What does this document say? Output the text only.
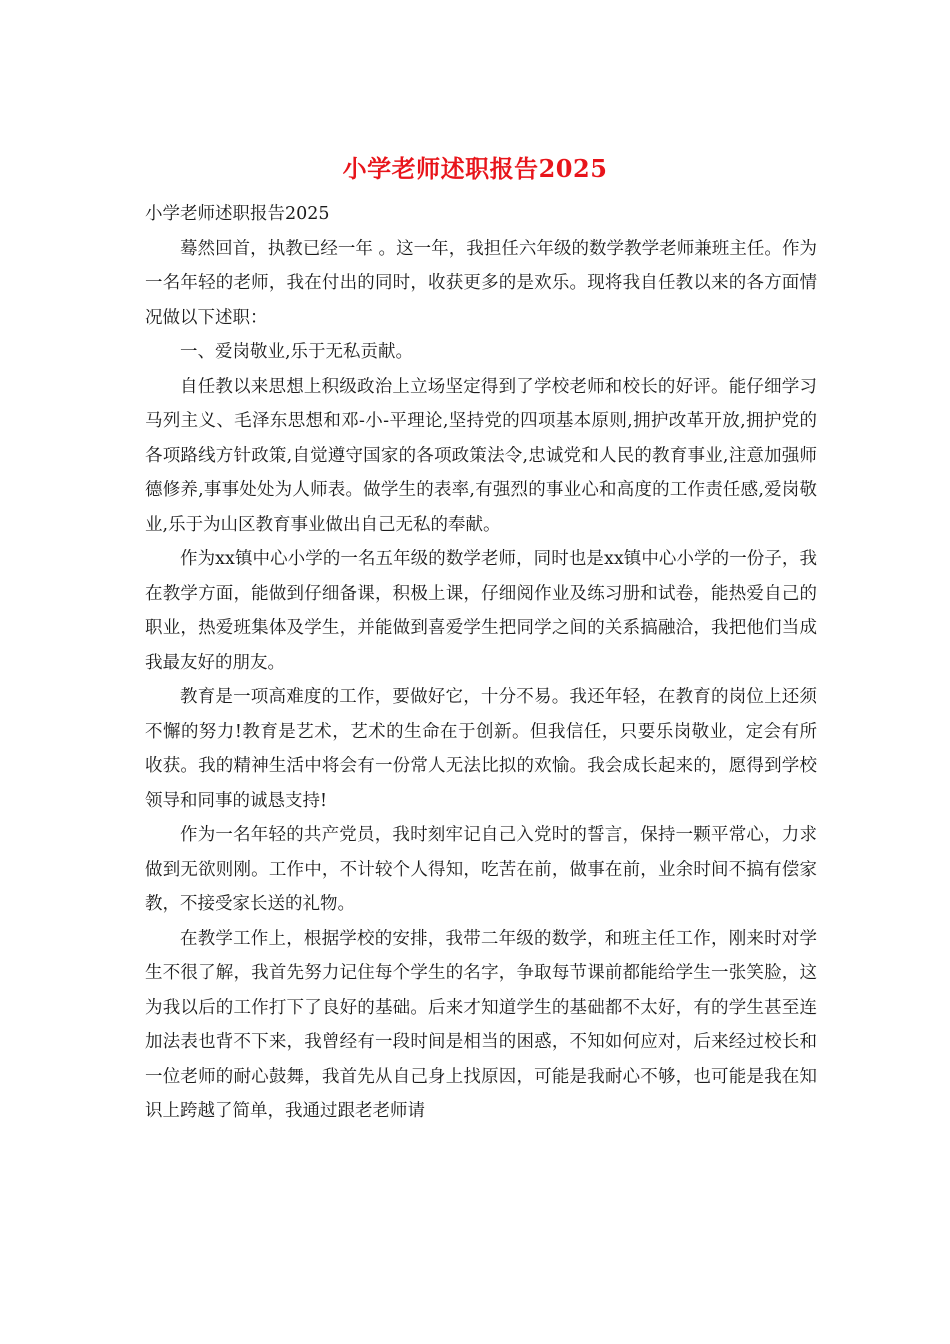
小学老师述职报告2025

小学老师述职报告2025

蓦然回首，执教已经一年 。这一年，我担任六年级的数学教学老师兼班主任。作为一名年轻的老师，我在付出的同时，收获更多的是欢乐。现将我自任教以来的各方面情况做以下述职：

一、爱岗敬业,乐于无私贡献。

自任教以来思想上积级政治上立场坚定得到了学校老师和校长的好评。能仔细学习马列主义、毛泽东思想和邓-小-平理论,坚持党的四项基本原则,拥护改革开放,拥护党的各项路线方针政策,自觉遵守国家的各项政策法令,忠诚党和人民的教育事业,注意加强师德修养,事事处处为人师表。做学生的表率,有强烈的事业心和高度的工作责任感,爱岗敬业,乐于为山区教育事业做出自己无私的奉献。

作为xx镇中心小学的一名五年级的数学老师，同时也是xx镇中心小学的一份子，我在教学方面，能做到仔细备课，积极上课，仔细阅作业及练习册和试卷，能热爱自己的职业，热爱班集体及学生，并能做到喜爱学生把同学之间的关系搞融洽，我把他们当成我最友好的朋友。

教育是一项高难度的工作，要做好它，十分不易。我还年轻，在教育的岗位上还须不懈的努力!教育是艺术，艺术的生命在于创新。但我信任，只要乐岗敬业，定会有所收获。我的精神生活中将会有一份常人无法比拟的欢愉。我会成长起来的，愿得到学校领导和同事的诚恳支持!

作为一名年轻的共产党员，我时刻牢记自己入党时的誓言，保持一颗平常心，力求做到无欲则刚。工作中，不计较个人得知，吃苦在前，做事在前，业余时间不搞有偿家教，不接受家长送的礼物。

在教学工作上，根据学校的安排，我带二年级的数学，和班主任工作，刚来时对学生不很了解，我首先努力记住每个学生的名字，争取每节课前都能给学生一张笑脸，这为我以后的工作打下了良好的基础。后来才知道学生的基础都不太好，有的学生甚至连加法表也背不下来，我曾经有一段时间是相当的困惑，不知如何应对，后来经过校长和一位老师的耐心鼓舞，我首先从自己身上找原因，可能是我耐心不够，也可能是我在知识上跨越了简单，我通过跟老老师请
